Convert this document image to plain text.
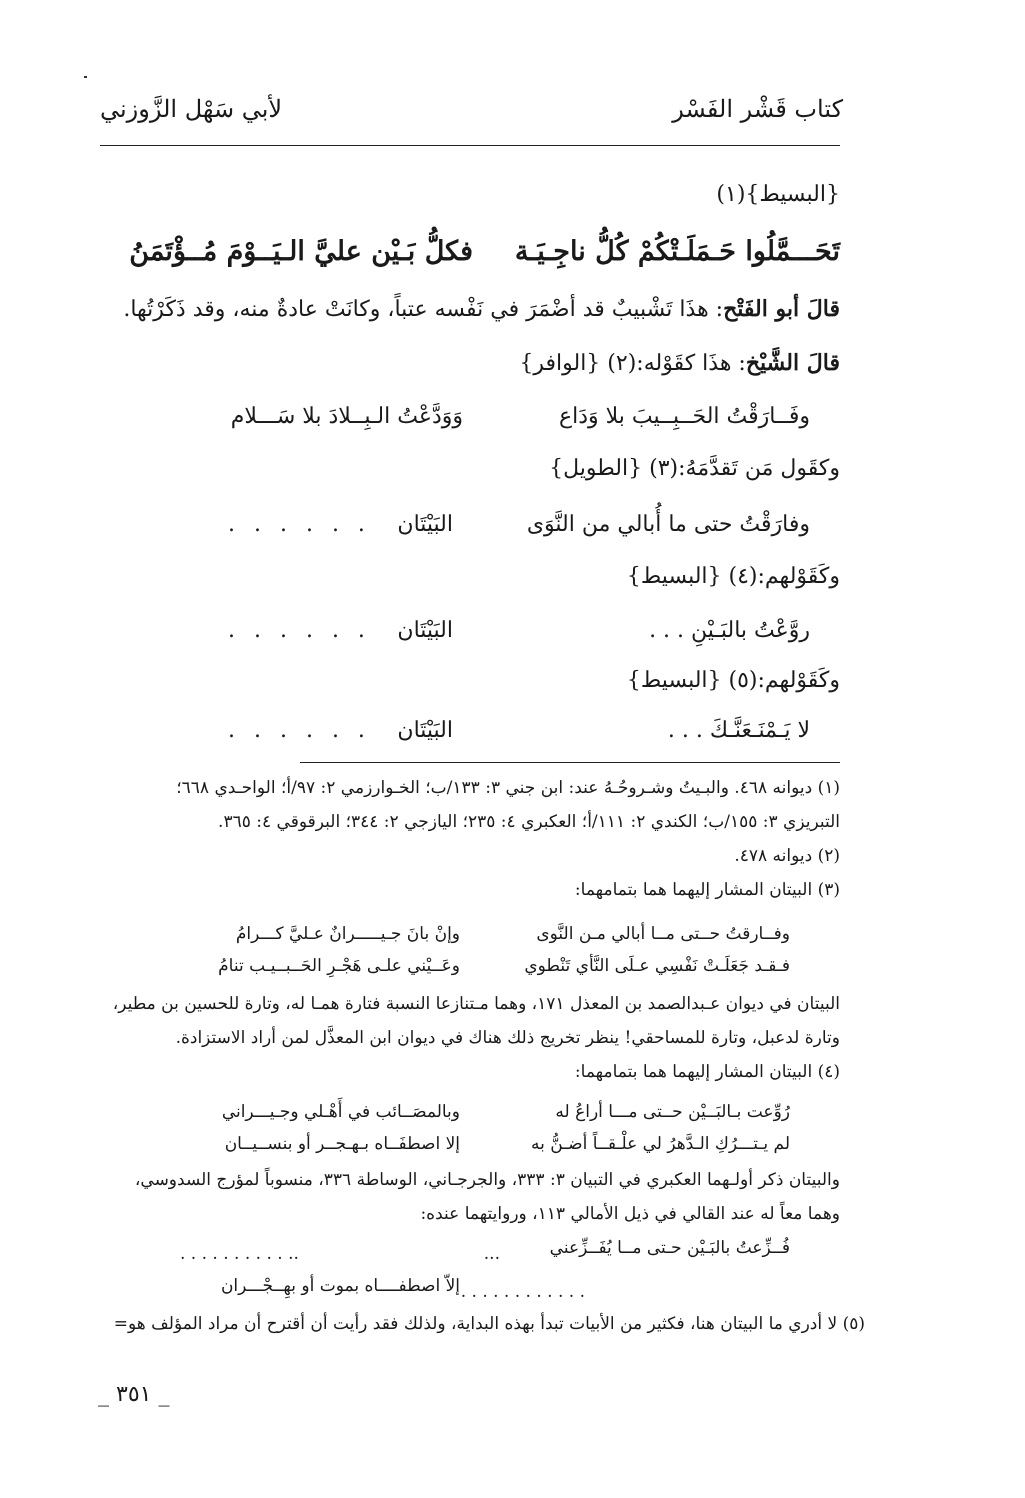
كتاب قَشْر الفَسْر
لأبي سَهْل الزَّوزني
{البسيط}(١)
تَحَـــمَّلُوا حَـمَلَـتْكُمْ كُلُّ ناجِـيَـة
فكلُّ بَـيْن عليَّ الـيَــوْمَ مُــؤْتَمَنُ
قالَ أبو الفَتْح: هذَا تَشْبيبٌ قد أضْمَرَ في نَفْسه عتباً، وكانَتْ عادةٌ منه، وقد ذَكَرْتُها.
قالَ الشَّيْخ: هذَا كقَوْله:(٢) {الوافر}
وفَــارَقْتُ الحَــبِــيبَ بلا وَدَاع
وَوَدَّعْتُ الـبِــلادَ بلا سَـــلام
وكقَول مَن تَقدَّمَهُ:(٣) {الطويل}
وفارَقْتُ حتى ما أُبالي من النَّوَى
البَيْتَان
. . . . . .
وكَقَوْلهم:(٤) {البسيط}
روَّعْتُ بالبَـيْنِ . . .
البَيْتَان
. . . . . .
وكَقَوْلهم:(٥) {البسيط}
لا يَـمْنَـعَنَّـكَ . . .
البَيْتَان
. . . . . .
(١) ديوانه ٤٦٨. والبـيتُ وشـروحُـهُ عند: ابن جني ٣: ١٣٣/ب؛ الخـوارزمي ٢: ٩٧/أ؛ الواحـدي ٦٦٨؛
التبريزي ٣: ١٥٥/ب؛ الكندي ٢: ١١١/أ؛ العكبري ٤: ٢٣٥؛ اليازجي ٢: ٣٤٤؛ البرقوقي ٤: ٣٦٥.
(٢) ديوانه ٤٧٨.
(٣) البيتان المشار إليهما هما بتمامهما:
وفــارقتُ حــتى مــا أبالي مـن النَّوى
وإنْ بانَ جـيـــــرانٌ عـليَّ كـــرامُ
فـقـد جَعَلَـتْ نَفْسِي عـلَى النَّأي تَنْطوي
وعَــيْني علـى هَجْـرِ الحَــبــيـب تنامُ
البيتان في ديوان عـبدالصمد بن المعذل ١٧١، وهما مـتنازعا النسبة فتارة همـا له، وتارة للحسين بن مطير،
وتارة لدعبل، وتارة للمساحقي! ينظر تخريج ذلك هناك في ديوان ابن المعذَّل لمن أراد الاستزادة.
(٤) البيتان المشار إليهما هما بتمامهما:
رُوِّعت بـالبَــيْن حــتى مـــا أراعُ له
وبالمصَــائب في أَهْـلي وجـيـــراني
لم يـتـــرُكِ الـدَّهرُ لي علْـقــاً أضـنُّ به
إلا اصطفَــاه بـهـجــر أو بنســيــان
والبيتان ذكر أولـهما العكبري في التبيان ٣: ٣٣٣، والجرجـاني، الوساطة ٣٣٦، منسوباً لمؤرج السدوسي،
وهما معاً له عند القالي في ذيل الأمالي ١١٣، وروايتهما عنده:
فُــزِّعتُ بالبَـيْن حـتى مــا يُفَــزِّعني
...
.. . . . . . . . . . .
. . . . . . . . . . . .
إلاّ اصطفــــاه بموت أو بهِــجْـــران
(٥) لا أدري ما البيتان هنا، فكثير من الأبيات تبدأ بهذه البداية، ولذلك فقد رأيت أن أقترح أن مراد المؤلف هو=
_ ٣٥١ _
